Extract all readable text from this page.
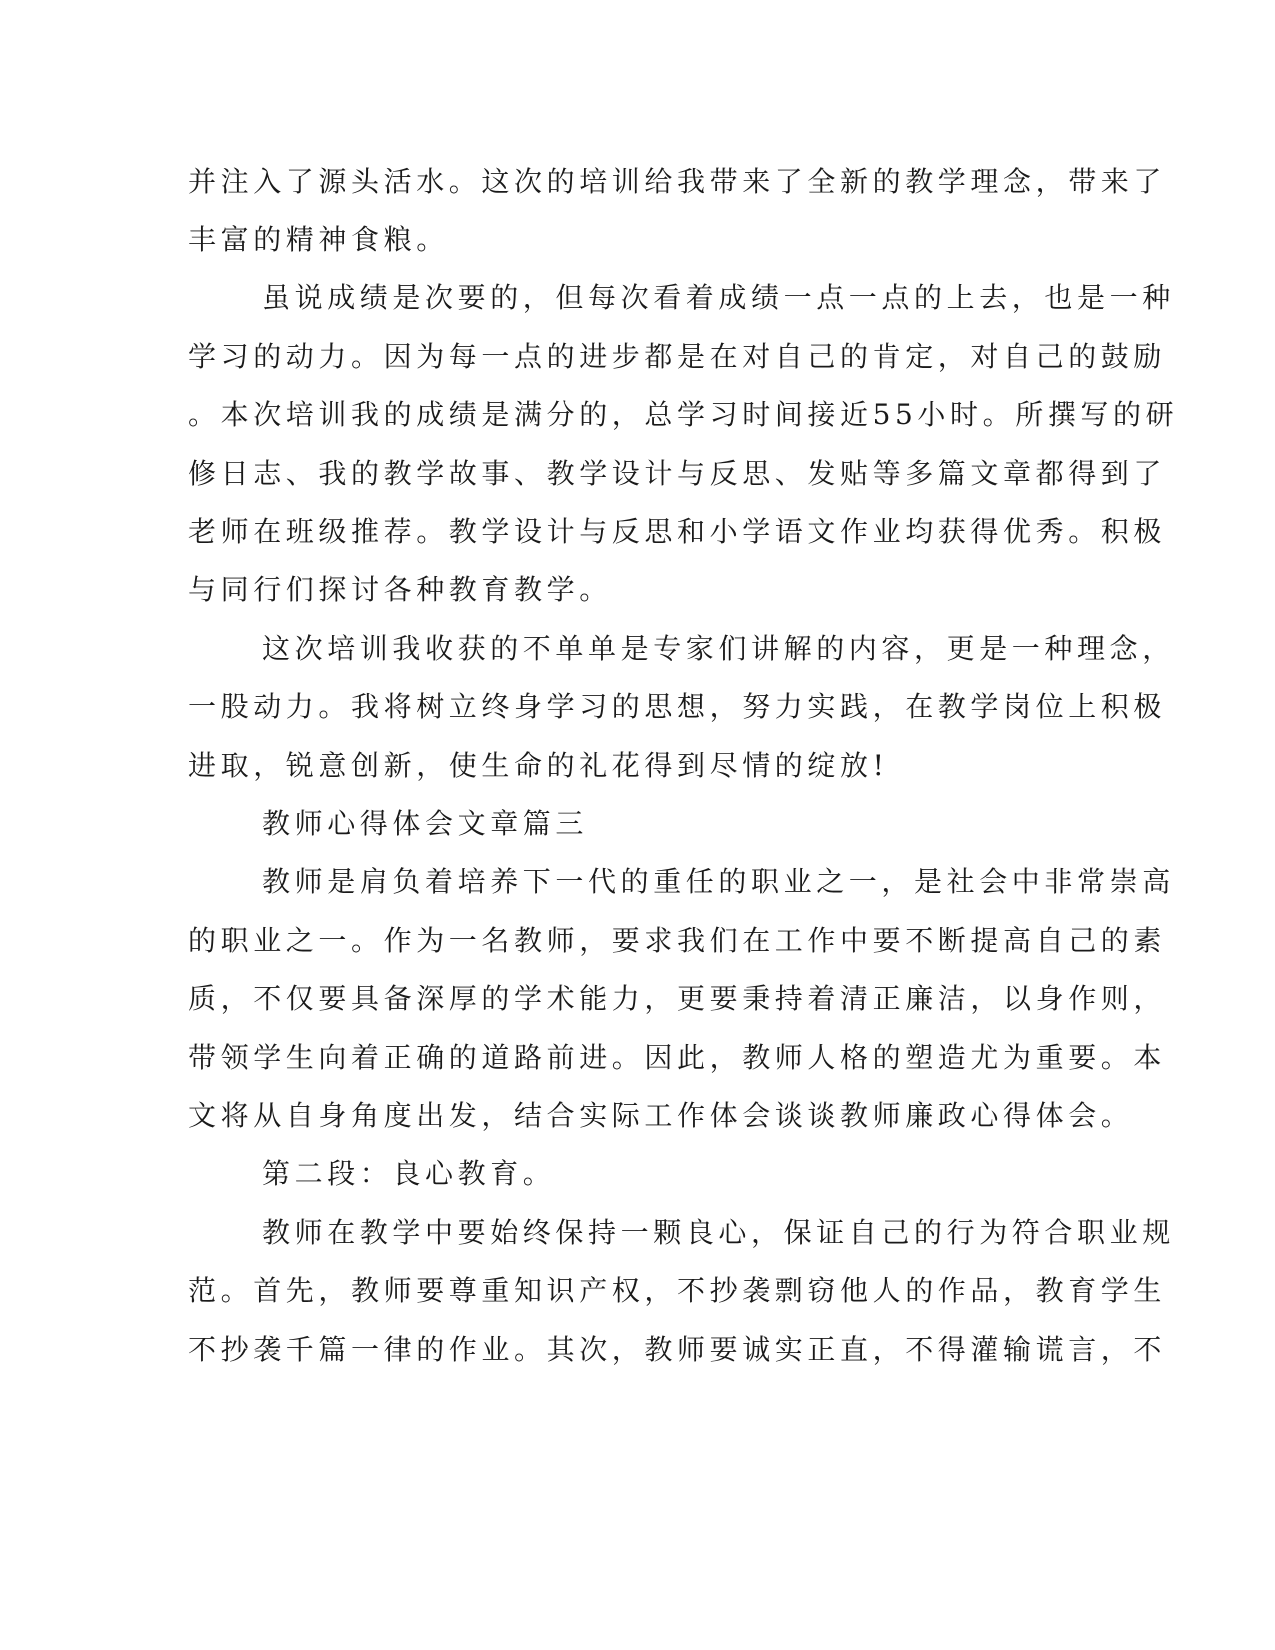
并注入了源头活水。这次的培训给我带来了全新的教学理念，带来了
丰富的精神食粮。
虽说成绩是次要的，但每次看着成绩一点一点的上去，也是一种
学习的动力。因为每一点的进步都是在对自己的肯定，对自己的鼓励
。本次培训我的成绩是满分的，总学习时间接近55小时。所撰写的研
修日志、我的教学故事、教学设计与反思、发贴等多篇文章都得到了
老师在班级推荐。教学设计与反思和小学语文作业均获得优秀。积极
与同行们探讨各种教育教学。
这次培训我收获的不单单是专家们讲解的内容，更是一种理念，
一股动力。我将树立终身学习的思想，努力实践，在教学岗位上积极
进取，锐意创新，使生命的礼花得到尽情的绽放!
教师心得体会文章篇三
教师是肩负着培养下一代的重任的职业之一，是社会中非常崇高
的职业之一。作为一名教师，要求我们在工作中要不断提高自己的素
质，不仅要具备深厚的学术能力，更要秉持着清正廉洁，以身作则，
带领学生向着正确的道路前进。因此，教师人格的塑造尤为重要。本
文将从自身角度出发，结合实际工作体会谈谈教师廉政心得体会。
第二段：良心教育。
教师在教学中要始终保持一颗良心，保证自己的行为符合职业规
范。首先，教师要尊重知识产权，不抄袭剽窃他人的作品，教育学生
不抄袭千篇一律的作业。其次，教师要诚实正直，不得灌输谎言，不
